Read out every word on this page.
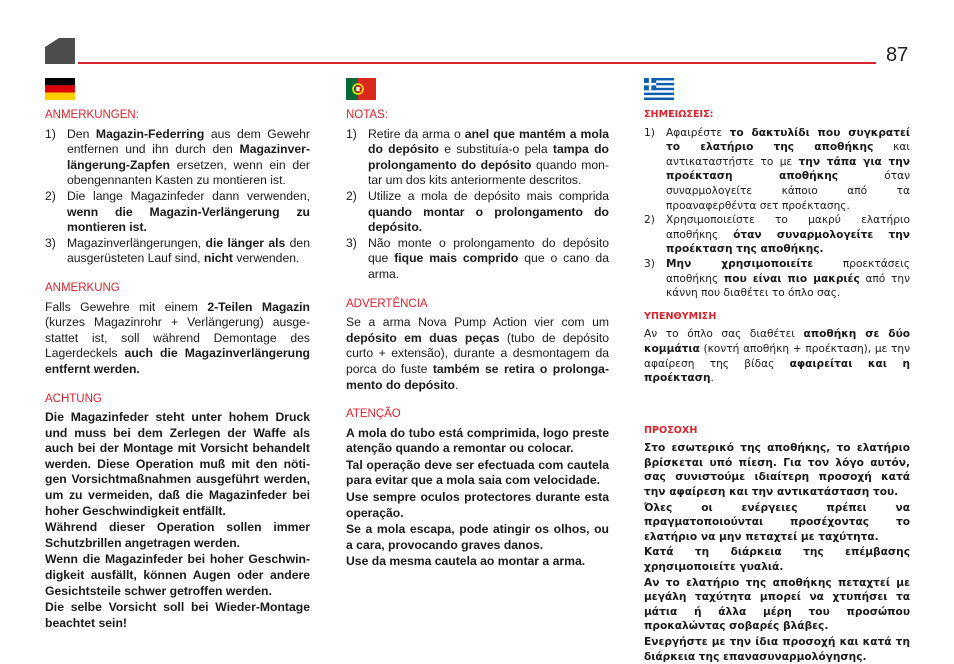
87
ANMERKUNGEN:
1) Den Magazin-Federring aus dem Gewehr entfernen und ihn durch den Magazinverlängerung-Zapfen ersetzen, wenn ein der obengennanten Kasten zu montieren ist.
2) Die lange Magazinfeder dann verwenden, wenn die Magazin-Verlängerung zu montieren ist.
3) Magazinverlängerungen, die länger als den ausgerüsteten Lauf sind, nicht verwenden.
ANMERKUNG

Falls Gewehre mit einem 2-Teilen Magazin (kurzes Magazinrohr + Verlängerung) ausgestattet ist, soll während Demontage des Lagerdeckels auch die Magazinverlängerung entfernt werden.

ACHTUNG

Die Magazinfeder steht unter hohem Druck und muss bei dem Zerlegen der Waffe als auch bei der Montage mit Vorsicht behandelt werden. Diese Operation muß mit den nötigen Vorsichtmaßnahmen ausgeführt werden, um zu vermeiden, daß die Magazinfeder bei hoher Geschwindigkeit entfällt.

Während dieser Operation sollen immer Schutzbrillen angetragen werden.

Wenn die Magazinfeder bei hoher Geschwindigkeit ausfällt, können Augen oder andere Gesichtsteile schwer getroffen werden.

Die selbe Vorsicht soll bei Wieder-Montage beachtet sein!

NOTAS:
1) Retire da arma o anel que mantém a mola do depósito e substituía-o pela tampa do prolongamento do depósito quando montar um dos kits anteriormente descritos.
2) Utilize a mola de depósito mais comprida quando montar o prolongamento do depósito.
3) Não monte o prolongamento do depósito que fique mais comprido que o cano da arma.
ADVERTÊNCIA

Se a arma Nova Pump Action vier com um depósito em duas peças (tubo de depósito curto + extensão), durante a desmontagem da porca do fuste também se retira o prolongamento do depósito.

ATENÇÃO

A mola do tubo está comprimida, logo preste atenção quando a remontar ou colocar.

Tal operação deve ser efectuada com cautela para evitar que a mola saia com velocidade.

Use sempre oculos protectores durante esta operação.

Se a mola escapa, pode atingir os olhos, ou a cara, provocando graves danos.

Use da mesma cautela ao montar a arma.

ΣΗΜΕΙΩΣΕΙΣ:
1)	Αφαιρέστε το δακτυλίδι που συγκρατεί το ελατήριο της αποθήκης και αντικαταστήστε το με την τάπα για την προέκταση αποθήκης όταν συναρμολογείτε κάποιο από τα προαναφερθέντα σετ προέκτασης.
2)	Χρησιμοποιείστε το μακρύ ελατήριο αποθήκης όταν συναρμολογείτε την προέκταση της αποθήκης.
3)	Μην χρησιμοποιείτε προεκτάσεις αποθήκης που είναι πιο μακριές από την κάννη που διαθέτει το όπλο σας.
ΥΠΕΝΘΥΜΙΣΗ

Αν το όπλο σας διαθέτει αποθήκη σε δύο κομμάτια (κοντή αποθήκη + προέκταση), με την αφαίρεση της βίδας αφαιρείται και η προέκταση.

ΠΡΟΣΟΧΗ

Στο εσωτερικό της αποθήκης, το ελατήριο βρίσκεται υπό πίεση. Για τον λόγο αυτόν, σας συνιστούμε ιδιαίτερη προσοχή κατά την αφαίρεση και την αντικατάσταση του.

Όλες οι ενέργειες πρέπει να πραγματοποιούνται προσέχοντας το ελατήριο να μην πεταχτεί με ταχύτητα.

Κατά τη διάρκεια της επέμβασης χρησιμοποιείτε γυαλιά.

Αν το ελατήριο της αποθήκης πεταχτεί με μεγάλη ταχύτητα μπορεί να χτυπήσει τα μάτια ή άλλα μέρη του προσώπου προκαλώντας σοβαρές βλάβες.

Ενεργήστε με την ίδια προσοχή και κατά τη διάρκεια της επανασυναρμολόγησης.
